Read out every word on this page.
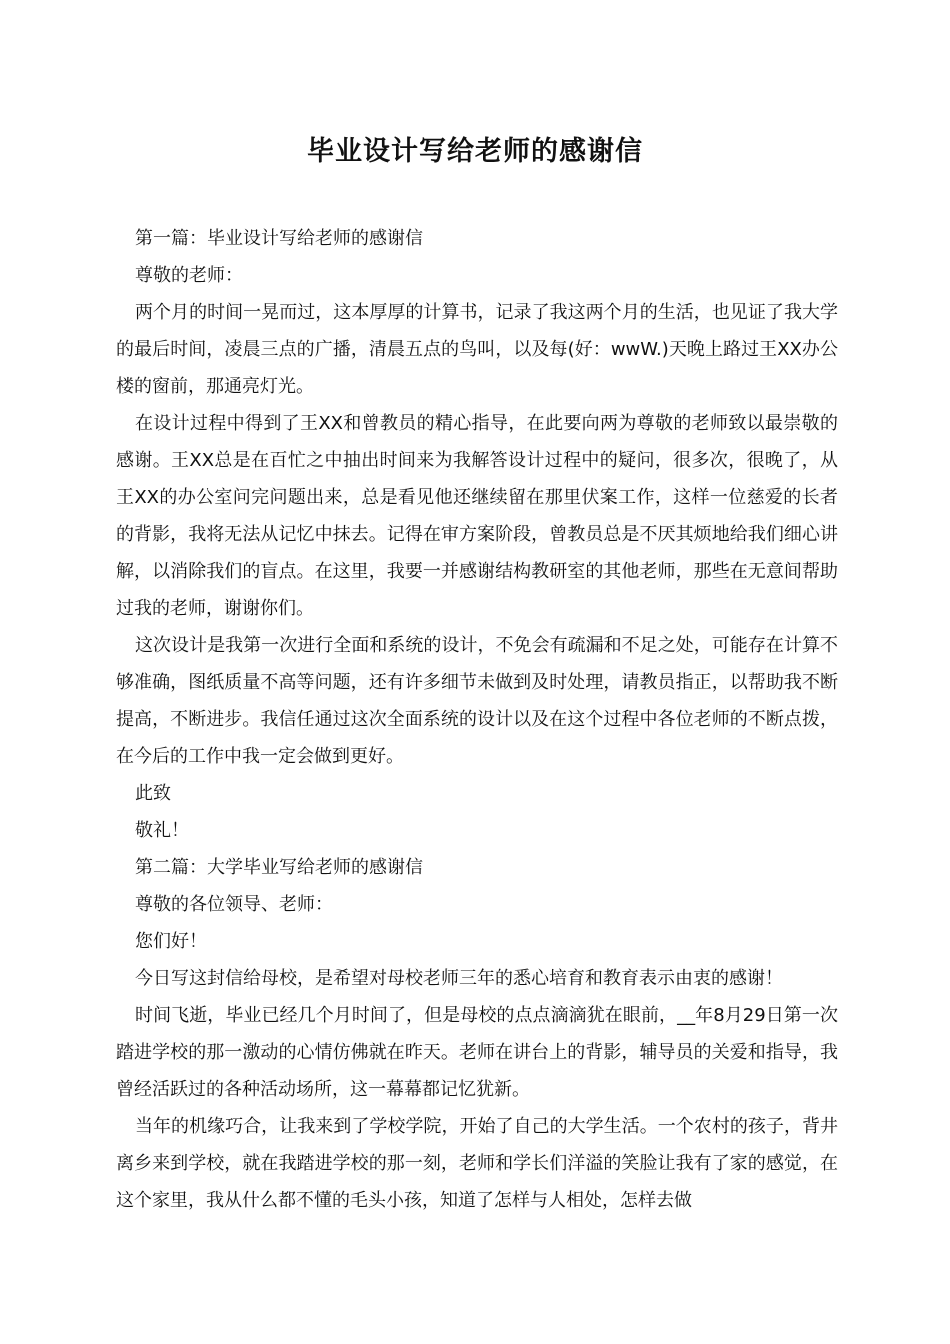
毕业设计写给老师的感谢信

第一篇：毕业设计写给老师的感谢信

尊敬的老师：

两个月的时间一晃而过，这本厚厚的计算书，记录了我这两个月的生活，也见证了我大学的最后时间，凌晨三点的广播，清晨五点的鸟叫，以及每(好：wwW.)天晚上路过王XX办公楼的窗前，那通亮灯光。

在设计过程中得到了王XX和曾教员的精心指导，在此要向两为尊敬的老师致以最崇敬的感谢。王XX总是在百忙之中抽出时间来为我解答设计过程中的疑问，很多次，很晚了，从王XX的办公室问完问题出来，总是看见他还继续留在那里伏案工作，这样一位慈爱的长者的背影，我将无法从记忆中抹去。记得在审方案阶段，曾教员总是不厌其烦地给我们细心讲解，以消除我们的盲点。在这里，我要一并感谢结构教研室的其他老师，那些在无意间帮助过我的老师，谢谢你们。

这次设计是我第一次进行全面和系统的设计，不免会有疏漏和不足之处，可能存在计算不够准确，图纸质量不高等问题，还有许多细节未做到及时处理，请教员指正，以帮助我不断提高，不断进步。我信任通过这次全面系统的设计以及在这个过程中各位老师的不断点拨，在今后的工作中我一定会做到更好。

此致

敬礼！

第二篇：大学毕业写给老师的感谢信

尊敬的各位领导、老师：

您们好！

今日写这封信给母校，是希望对母校老师三年的悉心培育和教育表示由衷的感谢！

时间飞逝，毕业已经几个月时间了，但是母校的点点滴滴犹在眼前，__年8月29日第一次踏进学校的那一激动的心情仿佛就在昨天。老师在讲台上的背影，辅导员的关爱和指导，我曾经活跃过的各种活动场所，这一幕幕都记忆犹新。

当年的机缘巧合，让我来到了学校学院，开始了自己的大学生活。一个农村的孩子，背井离乡来到学校，就在我踏进学校的那一刻，老师和学长们洋溢的笑脸让我有了家的感觉，在这个家里，我从什么都不懂的毛头小孩，知道了怎样与人相处，怎样去做
